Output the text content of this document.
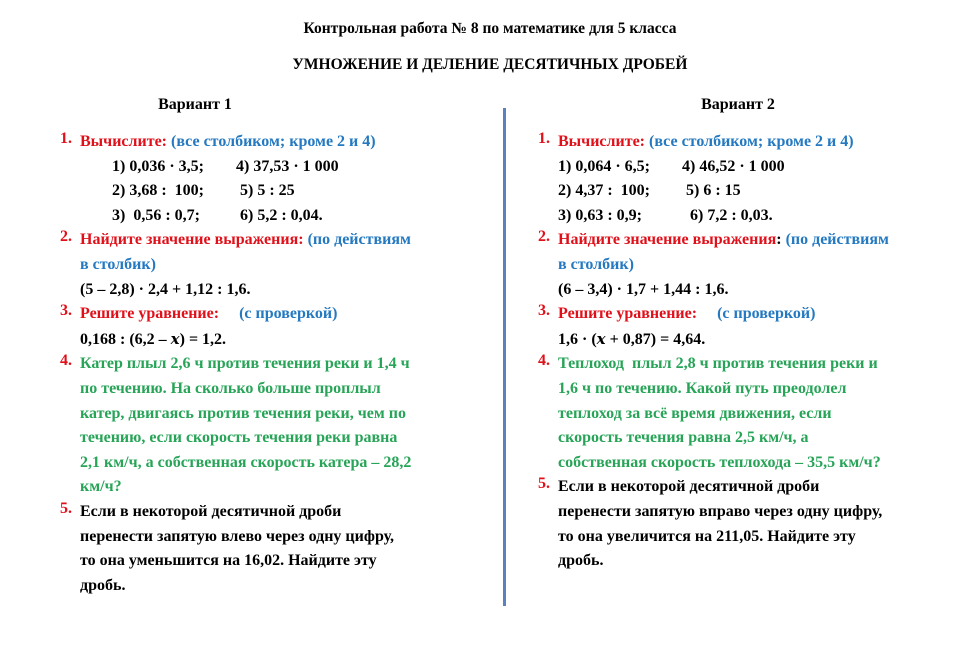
Контрольная работа № 8 по математике для 5 класса
УМНОЖЕНИЕ И ДЕЛЕНИЕ ДЕСЯТИЧНЫХ ДРОБЕЙ
Вариант 1
1. Вычислите: (все столбиком; кроме 2 и 4)
1) 0,036 · 3,5;        4) 37,53 · 1 000
2) 3,68 :  100;         5) 5 : 25
3)  0,56 : 0,7;          6) 5,2 : 0,04.
2. Найдите значение выражения: (по действиям
в столбик)
(5 – 2,8) · 2,4 + 1,12 : 1,6.
3. Решите уравнение:     (с проверкой)
0,168 : (6,2 – x) = 1,2.
4. Катер плыл 2,6 ч против течения реки и 1,4 ч
по течению. На сколько больше проплыл
катер, двигаясь против течения реки, чем по
течению, если скорость течения реки равна
2,1 км/ч, а собственная скорость катера – 28,2
км/ч?
5. Если в некоторой десятичной дроби
перенести запятую влево через одну цифру,
то она уменьшится на 16,02. Найдите эту
дробь.
Вариант 2
1. Вычислите: (все столбиком; кроме 2 и 4)
1) 0,064 · 6,5;        4) 46,52 · 1 000
2) 4,37 :  100;         5) 6 : 15
3) 0,63 : 0,9;            6) 7,2 : 0,03.
2. Найдите значение выражения: (по действиям
в столбик)
(6 – 3,4) · 1,7 + 1,44 : 1,6.
3. Решите уравнение:     (с проверкой)
1,6 · (x + 0,87) = 4,64.
4. Теплоход  плыл 2,8 ч против течения реки и
1,6 ч по течению. Какой путь преодолел
теплоход за всё время движения, если
скорость течения равна 2,5 км/ч, а
собственная скорость теплохода – 35,5 км/ч?
5. Если в некоторой десятичной дроби
перенести запятую вправо через одну цифру,
то она увеличится на 211,05. Найдите эту
дробь.
